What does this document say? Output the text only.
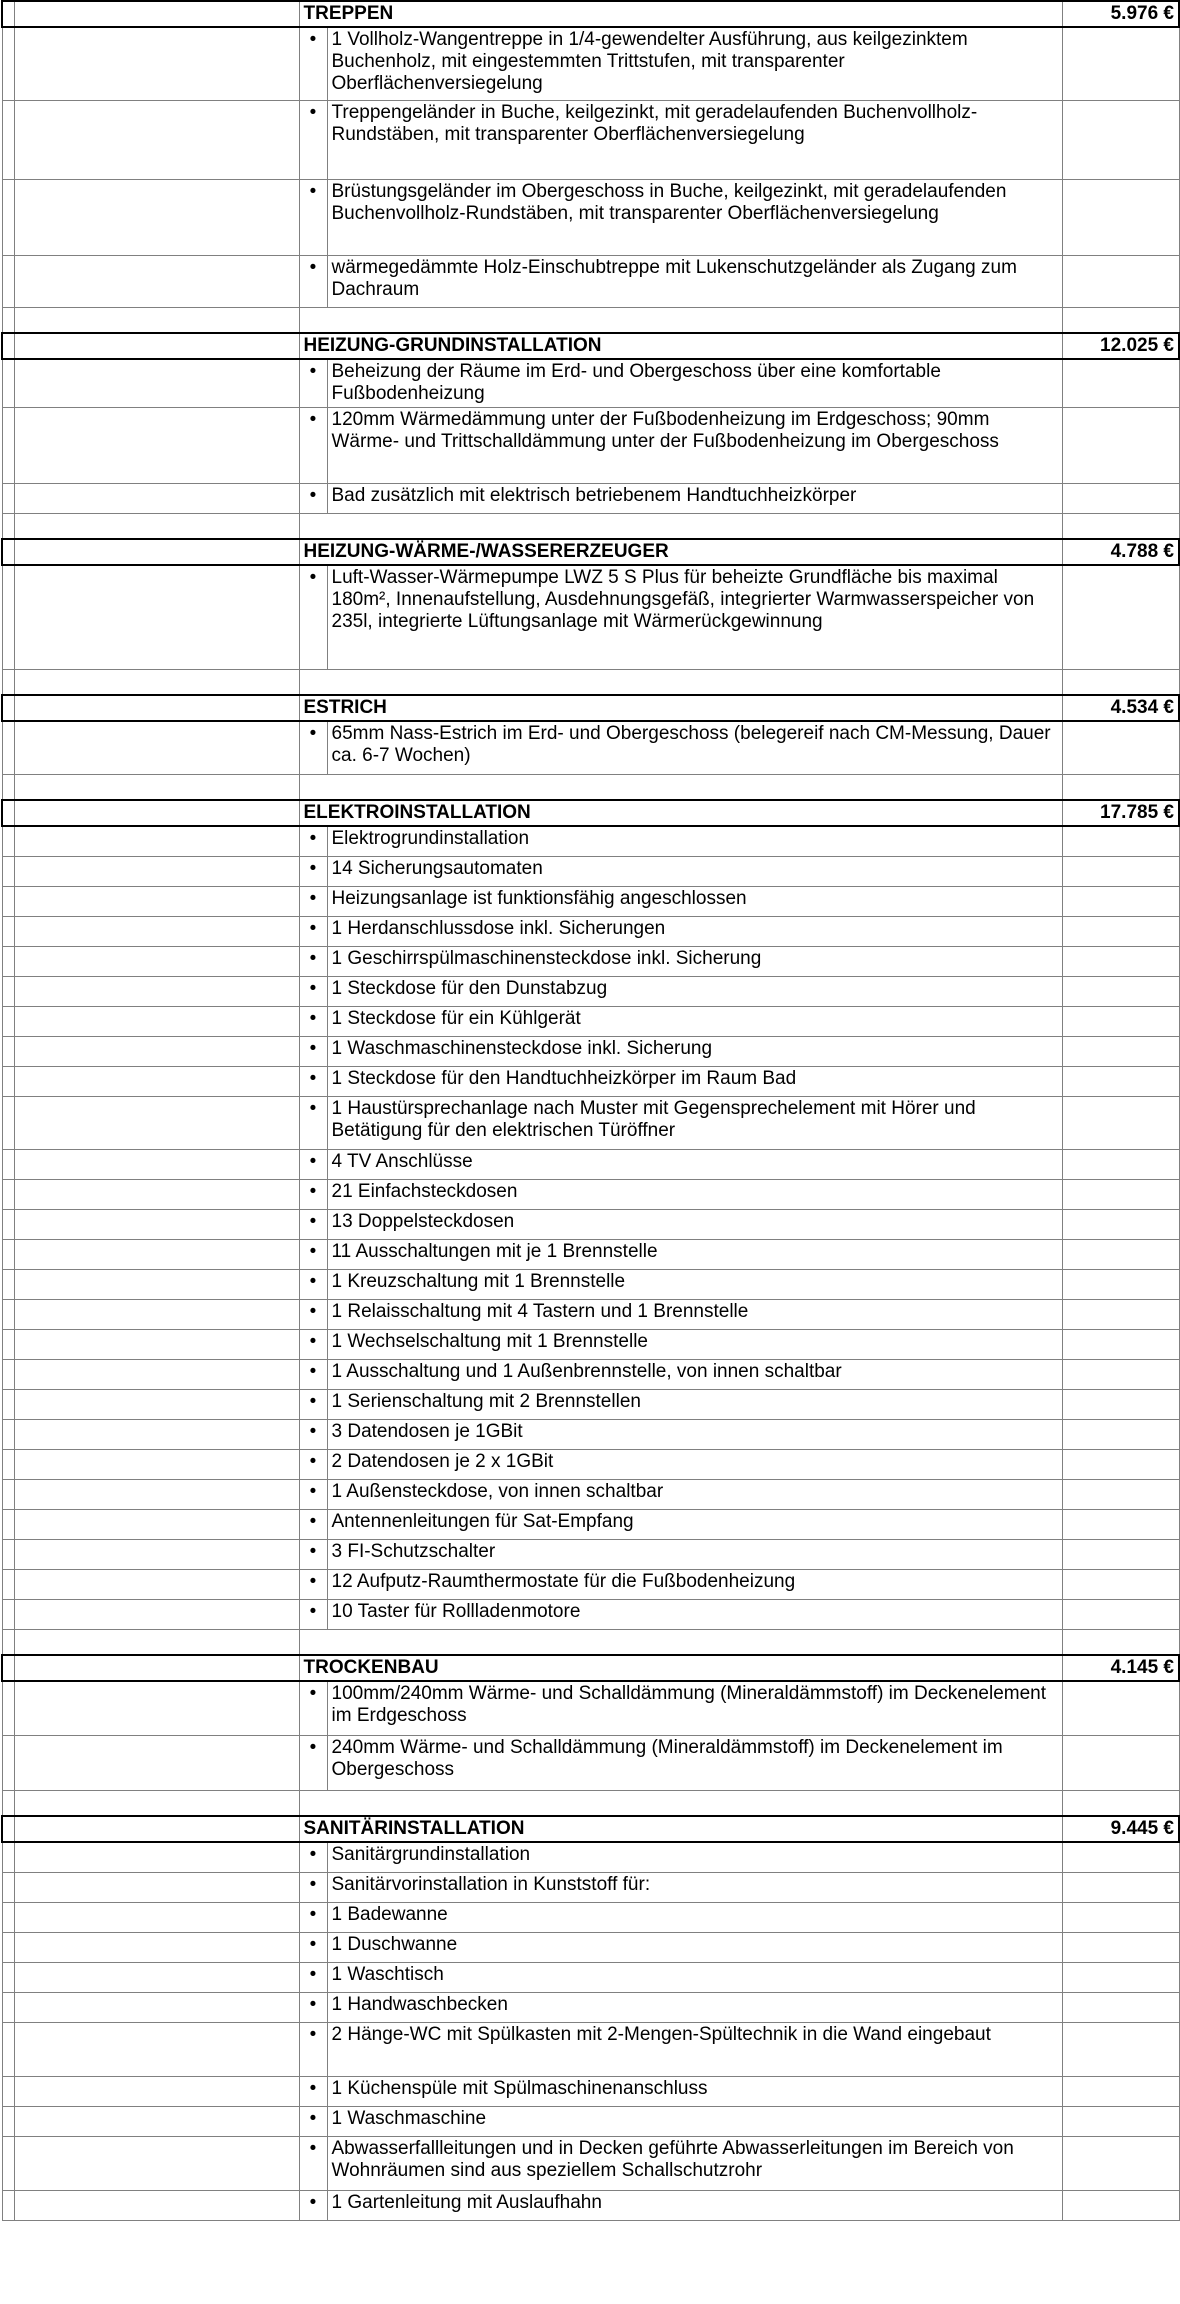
		TREPPEN		5.976 €
		•	1 Vollholz-Wangentreppe in 1/4-gewendelter Ausführung, aus keilgezinktem Buchenholz, mit eingestemmten Trittstufen, mit transparenter Oberflächenversiegelung	
		•	Treppengeländer in Buche, keilgezinkt, mit geradelaufenden Buchenvollholz-Rundstäben, mit transparenter Oberflächenversiegelung	
		•	Brüstungsgeländer im Obergeschoss in Buche, keilgezinkt, mit geradelaufenden Buchenvollholz-Rundstäben, mit transparenter Oberflächenversiegelung	
		•	wärmegedämmte Holz-Einschubtreppe mit Lukenschutzgeländer als Zugang zum Dachraum	

		HEIZUNG-GRUNDINSTALLATION		12.025 €
		•	Beheizung der Räume im Erd- und Obergeschoss über eine komfortable Fußbodenheizung	
		•	120mm Wärmedämmung unter der Fußbodenheizung im Erdgeschoss; 90mm Wärme- und Trittschalldämmung unter der Fußbodenheizung im Obergeschoss	
		•	Bad zusätzlich mit elektrisch betriebenem Handtuchheizkörper	

		HEIZUNG-WÄRME-/WASSERERZEUGER		4.788 €
		•	Luft-Wasser-Wärmepumpe LWZ 5 S Plus für beheizte Grundfläche bis maximal 180m², Innenaufstellung, Ausdehnungsgefäß, integrierter Warmwasserspeicher von 235l, integrierte Lüftungsanlage mit Wärmerückgewinnung	

		ESTRICH		4.534 €
		•	65mm Nass-Estrich im Erd- und Obergeschoss (belegereif nach CM-Messung, Dauer ca. 6-7 Wochen)	

		ELEKTROINSTALLATION		17.785 €
		•	Elektrogrundinstallation	
		•	14 Sicherungsautomaten	
		•	Heizungsanlage ist funktionsfähig angeschlossen	
		•	1 Herdanschlussdose inkl. Sicherungen	
		•	1 Geschirrspülmaschinensteckdose inkl. Sicherung	
		•	1 Steckdose für den Dunstabzug	
		•	1 Steckdose für ein Kühlgerät	
		•	1 Waschmaschinensteckdose inkl. Sicherung	
		•	1 Steckdose für den Handtuchheizkörper im Raum Bad	
		•	1 Haustürsprechanlage nach Muster mit Gegensprechelement mit Hörer und Betätigung für den elektrischen Türöffner	
		•	4 TV Anschlüsse	
		•	21 Einfachsteckdosen	
		•	13 Doppelsteckdosen	
		•	11 Ausschaltungen mit je 1 Brennstelle	
		•	1 Kreuzschaltung mit 1 Brennstelle	
		•	1 Relaisschaltung mit 4 Tastern und 1 Brennstelle	
		•	1 Wechselschaltung mit 1 Brennstelle	
		•	1 Ausschaltung und 1 Außenbrennstelle, von innen schaltbar	
		•	1 Serienschaltung mit 2 Brennstellen	
		•	3 Datendosen je 1GBit	
		•	2 Datendosen je 2 x 1GBit	
		•	1 Außensteckdose, von innen schaltbar	
		•	Antennenleitungen für Sat-Empfang	
		•	3 FI-Schutzschalter	
		•	12 Aufputz-Raumthermostate für die Fußbodenheizung	
		•	10 Taster für Rollladenmotore	

		TROCKENBAU		4.145 €
		•	100mm/240mm Wärme- und Schalldämmung (Mineraldämmstoff) im Deckenelement im Erdgeschoss	
		•	240mm Wärme- und Schalldämmung (Mineraldämmstoff) im Deckenelement im Obergeschoss	

		SANITÄRINSTALLATION		9.445 €
		•	Sanitärgrundinstallation	
		•	Sanitärvorinstallation in Kunststoff für:	
		•	1 Badewanne	
		•	1 Duschwanne	
		•	1 Waschtisch	
		•	1 Handwaschbecken	
		•	2 Hänge-WC mit Spülkasten mit 2-Mengen-Spültechnik in die Wand eingebaut	
		•	1 Küchenspüle mit Spülmaschinenanschluss	
		•	1 Waschmaschine	
		•	Abwasserfallleitungen und in Decken geführte Abwasserleitungen im Bereich von Wohnräumen sind aus speziellem Schallschutzrohr	
		•	1 Gartenleitung mit Auslaufhahn	
